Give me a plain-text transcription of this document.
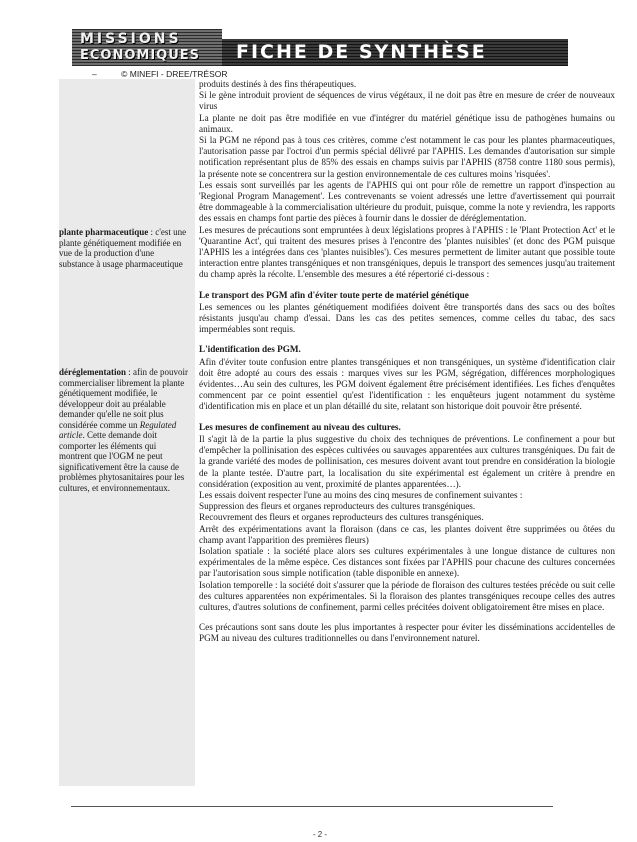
MISSIONS
ECONOMIQUES	FICHE DE SYNTHÈSE
–	© MINEFI - DREE/TRÉSOR
plante pharmaceutique : c'est une plante génétiquement modifiée en vue de la production d'une substance à usage pharmaceutique
déréglementation : afin de pouvoir commercialiser librement la plante génétiquement modifiée, le développeur doit au préalable demander qu'elle ne soit plus considérée comme un Regulated article. Cette demande doit comporter les éléments qui montrent que l'OGM ne peut significativement être la cause de problèmes phytosanitaires pour les cultures, et environnementaux.

produits destinés à des fins thérapeutiques.

Si le gène introduit provient de séquences de virus végétaux, il ne doit pas être en mesure de créer de nouveaux virus

La plante ne doit pas être modifiée en vue d'intégrer du matériel génétique issu de pathogènes humains ou animaux.

Si la PGM ne répond pas à tous ces critères, comme c'est notamment le cas pour les plantes pharmaceutiques, l'autorisation passe par l'octroi d'un permis spécial délivré par l'APHIS. Les demandes d'autorisation sur simple notification représentant plus de 85% des essais en champs suivis par l'APHIS (8758 contre 1180 sous permis), la présente note se concentrera sur la gestion environnementale de ces cultures moins 'risquées'.

Les essais sont surveillés par les agents de l'APHIS qui ont pour rôle de remettre un rapport d'inspection au 'Regional Program Management'. Les contrevenants se voient adressés une lettre d'avertissement qui pourrait être dommageable à la commercialisation ultérieure du produit, puisque, comme la note y reviendra, les rapports des essais en champs font partie des pièces à fournir dans le dossier de déréglementation.

Les mesures de précautions sont empruntées à deux législations propres à l'APHIS : le 'Plant Protection Act' et le 'Quarantine Act', qui traitent des mesures prises à l'encontre des 'plantes nuisibles' (et donc des PGM puisque l'APHIS les a intégrées dans ces 'plantes nuisibles'). Ces mesures permettent de limiter autant que possible toute interaction entre plantes transgéniques et non transgéniques, depuis le transport des semences jusqu'au traitement du champ après la récolte. L'ensemble des mesures a été répertorié ci-dessous :

Le transport des PGM afin d'éviter toute perte de matériel génétique

Les semences ou les plantes génétiquement modifiées doivent être transportés dans des sacs ou des boîtes résistants jusqu'au champ d'essai. Dans les cas des petites semences, comme celles du tabac, des sacs imperméables sont requis.

L'identification des PGM.

Afin d'éviter toute confusion entre plantes transgéniques et non transgéniques, un système d'identification clair doit être adopté au cours des essais : marques vives sur les PGM, ségrégation, différences morphologiques évidentes…Au sein des cultures, les PGM doivent également être précisément identifiées. Les fiches d'enquêtes commencent par ce point essentiel qu'est l'identification : les enquêteurs jugent notamment du système d'identification mis en place et un plan détaillé du site, relatant son historique doit pouvoir être présenté.

Les mesures de confinement au niveau des cultures.

Il s'agit là de la partie la plus suggestive du choix des techniques de préventions. Le confinement a pour but d'empêcher la pollinisation des espèces cultivées ou sauvages apparentées aux cultures transgéniques. Du fait de la grande variété des modes de pollinisation, ces mesures doivent avant tout prendre en considération la biologie de la plante testée. D'autre part, la localisation du site expérimental est également un critère à prendre en considération (exposition au vent, proximité de plantes apparentées…).

Les essais doivent respecter l'une au moins des cinq mesures de confinement suivantes :

Suppression des fleurs et organes reproducteurs des cultures transgéniques.

Recouvrement des fleurs et organes reproducteurs des cultures transgéniques.

Arrêt des expérimentations avant la floraison (dans ce cas, les plantes doivent être supprimées ou ôtées du champ avant l'apparition des premières fleurs)

Isolation spatiale : la société place alors ses cultures expérimentales à une longue distance de cultures non expérimentales de la même espèce. Ces distances sont fixées par l'APHIS pour chacune des cultures concernées par l'autorisation sous simple notification (table disponible en annexe).

Isolation temporelle : la société doit s'assurer que la période de floraison des cultures testées précède ou suit celle des cultures apparentées non expérimentales. Si la floraison des plantes transgéniques recoupe celles des autres cultures, d'autres solutions de confinement, parmi celles précitées doivent obligatoirement être mises en place.

Ces précautions sont sans doute les plus importantes à respecter pour éviter les disséminations accidentelles de PGM au niveau des cultures traditionnelles ou dans l'environnement naturel.

- 2 -
